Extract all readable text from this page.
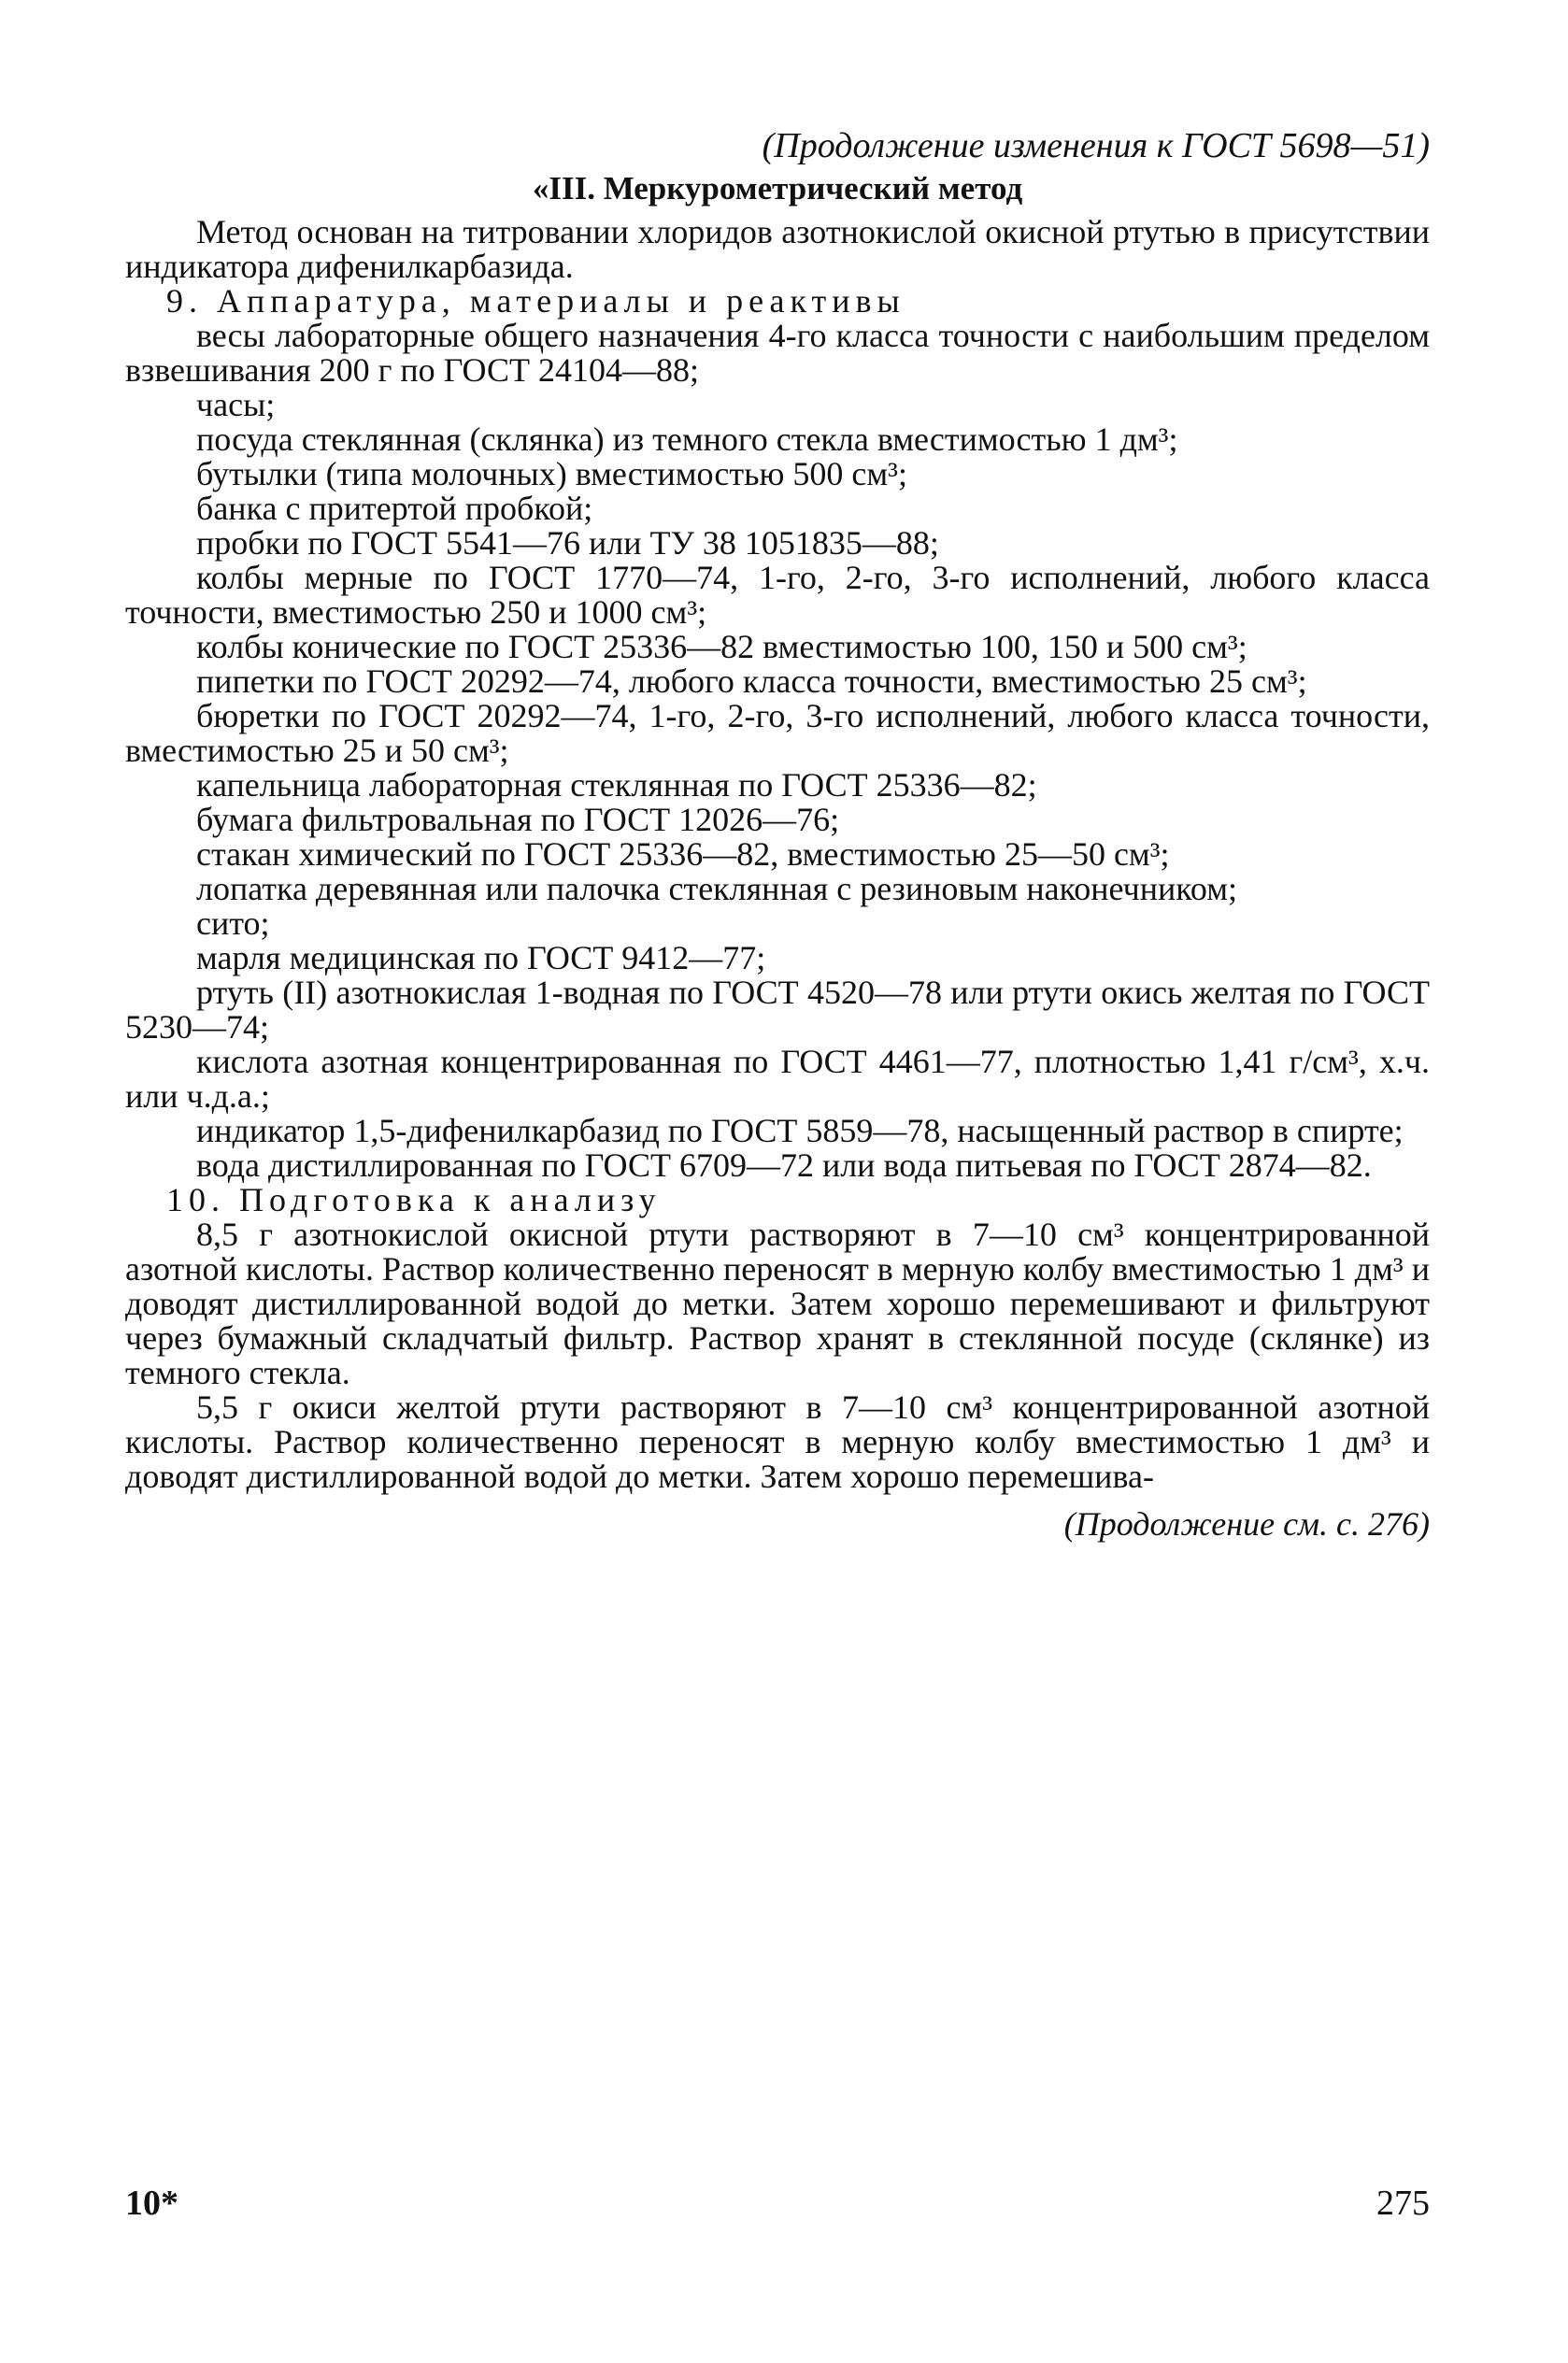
(Продолжение изменения к ГОСТ 5698—51)
«III. Меркурометрический метод

Метод основан на титровании хлоридов азотнокислой окисной ртутью в присутствии индикатора дифенилкарбазида.

9. Аппаратура, материалы и реактивы

весы лабораторные общего назначения 4-го класса точности с наибольшим пределом взвешивания 200 г по ГОСТ 24104—88;

часы;

посуда стеклянная (склянка) из темного стекла вместимостью 1 дм³;

бутылки (типа молочных) вместимостью 500 см³;

банка с притертой пробкой;

пробки по ГОСТ 5541—76 или ТУ 38 1051835—88;

колбы мерные по ГОСТ 1770—74, 1-го, 2-го, 3-го исполнений, любого класса точности, вместимостью 250 и 1000 см³;

колбы конические по ГОСТ 25336—82 вместимостью 100, 150 и 500 см³;

пипетки по ГОСТ 20292—74, любого класса точности, вместимостью 25 см³;

бюретки по ГОСТ 20292—74, 1-го, 2-го, 3-го исполнений, любого класса точности, вместимостью 25 и 50 см³;

капельница лабораторная стеклянная по ГОСТ 25336—82;

бумага фильтровальная по ГОСТ 12026—76;

стакан химический по ГОСТ 25336—82, вместимостью 25—50 см³;

лопатка деревянная или палочка стеклянная с резиновым наконечником;

сито;

марля медицинская по ГОСТ 9412—77;

ртуть (II) азотнокислая 1-водная по ГОСТ 4520—78 или ртути окись желтая по ГОСТ 5230—74;

кислота азотная концентрированная по ГОСТ 4461—77, плотностью 1,41 г/см³, х.ч. или ч.д.а.;

индикатор 1,5-дифенилкарбазид по ГОСТ 5859—78, насыщенный раствор в спирте;

вода дистиллированная по ГОСТ 6709—72 или вода питьевая по ГОСТ 2874—82.

10. Подготовка к анализу

8,5 г азотнокислой окисной ртути растворяют в 7—10 см³ концентрированной азотной кислоты. Раствор количественно переносят в мерную колбу вместимостью 1 дм³ и доводят дистиллированной водой до метки. Затем хорошо перемешивают и фильтруют через бумажный складчатый фильтр. Раствор хранят в стеклянной посуде (склянке) из темного стекла.

5,5 г окиси желтой ртути растворяют в 7—10 см³ концентрированной азотной кислоты. Раствор количественно переносят в мерную колбу вместимостью 1 дм³ и доводят дистиллированной водой до метки. Затем хорошо перемешива-

(Продолжение см. с. 276)
10*	275
